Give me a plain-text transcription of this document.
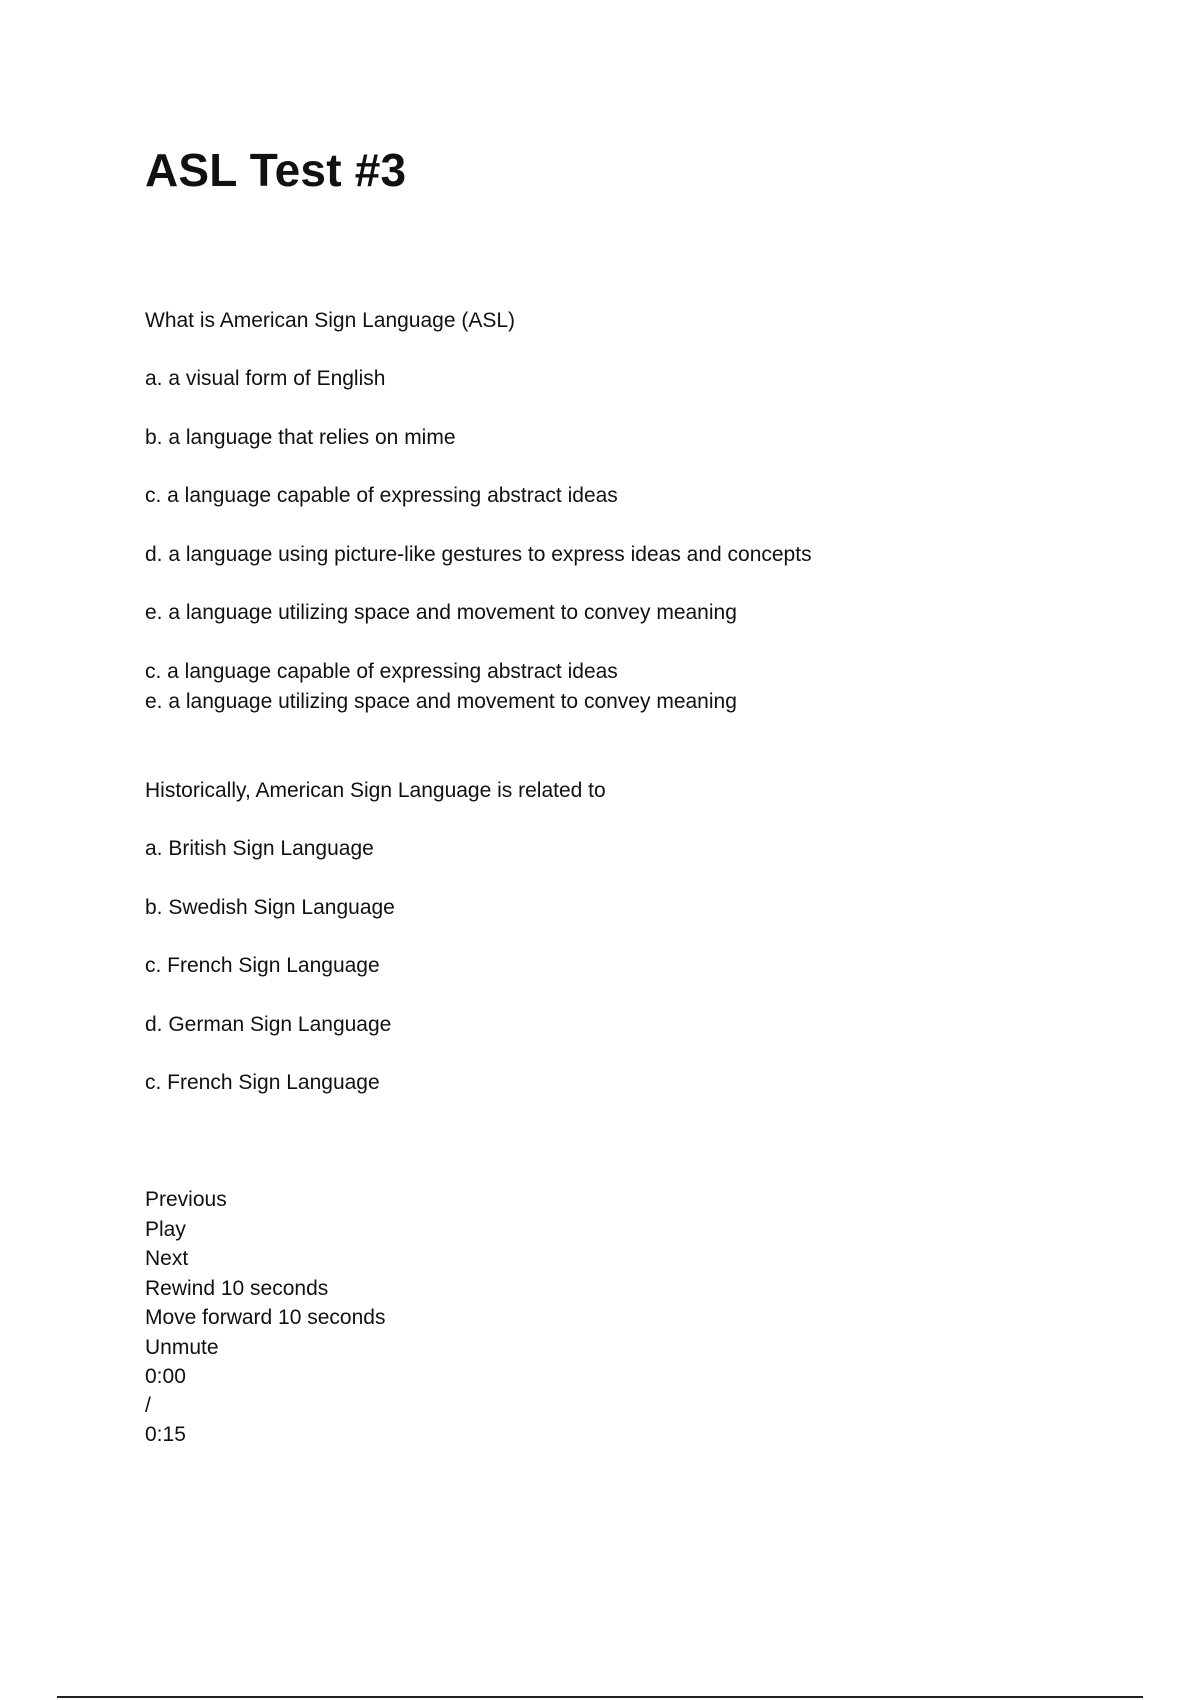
ASL Test #3
What is American Sign Language (ASL)
a. a visual form of English
b. a language that relies on mime
c. a language capable of expressing abstract ideas
d. a language using picture-like gestures to express ideas and concepts
e. a language utilizing space and movement to convey meaning
c. a language capable of expressing abstract ideas
e. a language utilizing space and movement to convey meaning
Historically, American Sign Language is related to
a. British Sign Language
b. Swedish Sign Language
c. French Sign Language
d. German Sign Language
c. French Sign Language
Previous
Play
Next
Rewind 10 seconds
Move forward 10 seconds
Unmute
0:00
/
0:15
